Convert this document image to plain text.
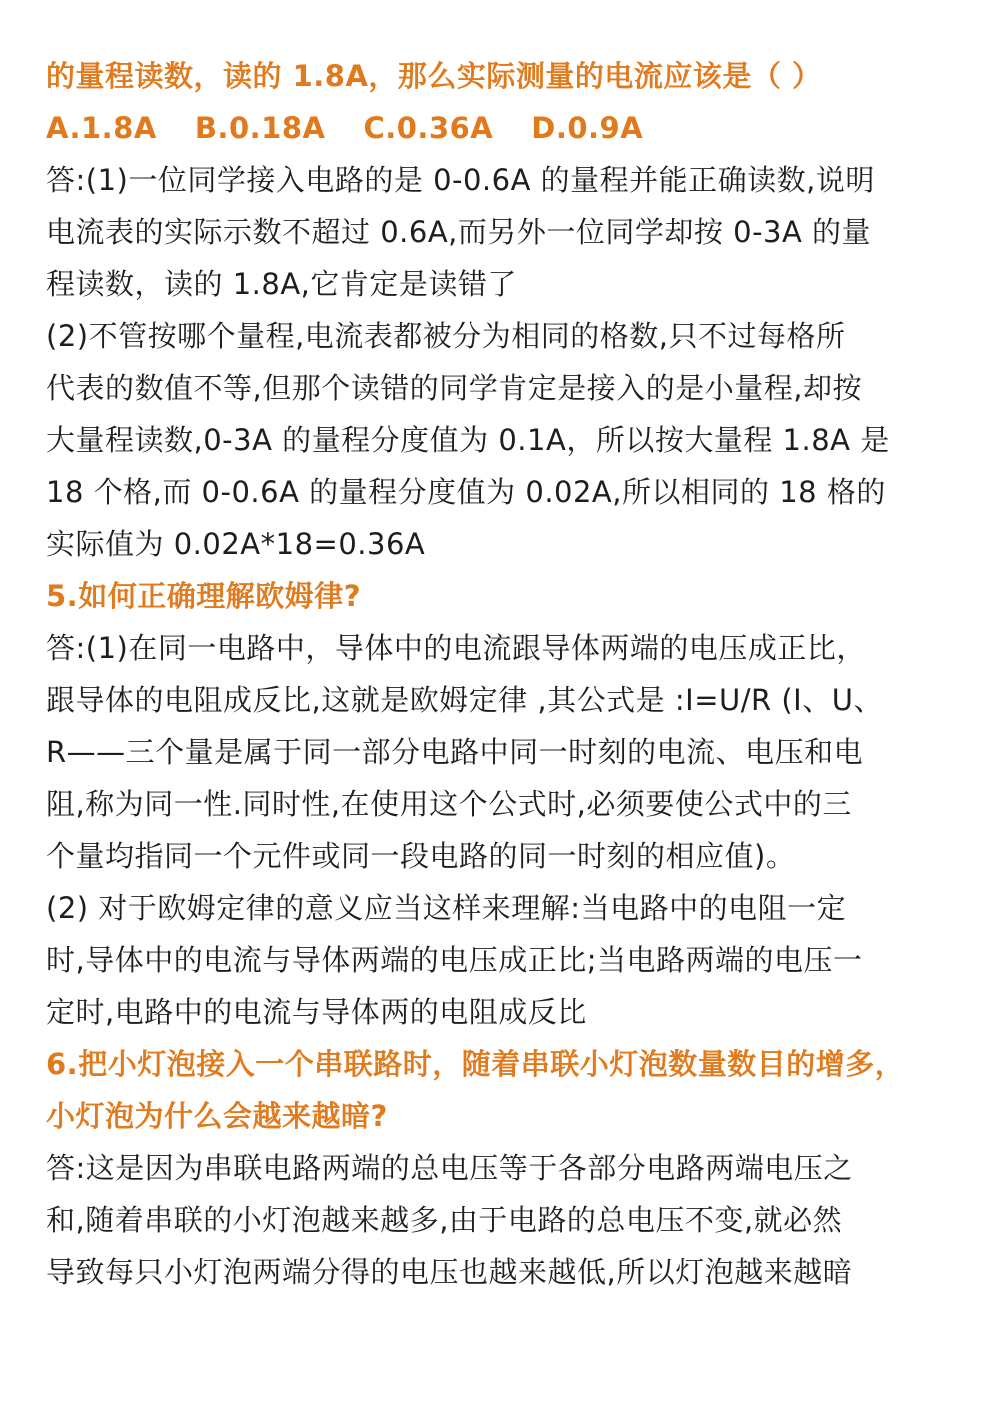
的量程读数，读的 1.8A，那么实际测量的电流应该是（ ）
A.1.8A B.0.18A C.0.36A D.0.9A
答:(1)一位同学接入电路的是 0-0.6A 的量程并能正确读数,说明
电流表的实际示数不超过 0.6A,而另外一位同学却按 0-3A 的量
程读数，读的 1.8A,它肯定是读错了
(2)不管按哪个量程,电流表都被分为相同的格数,只不过每格所
代表的数值不等,但那个读错的同学肯定是接入的是小量程,却按
大量程读数,0-3A 的量程分度值为 0.1A，所以按大量程 1.8A 是
18 个格,而 0-0.6A 的量程分度值为 0.02A,所以相同的 18 格的
实际值为 0.02A*18=0.36A
5.如何正确理解欧姆律?
答:(1)在同一电路中，导体中的电流跟导体两端的电压成正比，
跟导体的电阻成反比,这就是欧姆定律 ,其公式是 :I=U/R (I、U、
R——三个量是属于同一部分电路中同一时刻的电流、电压和电
阻,称为同一性.同时性,在使用这个公式时,必须要使公式中的三
个量均指同一个元件或同一段电路的同一时刻的相应值)。
(2) 对于欧姆定律的意义应当这样来理解:当电路中的电阻一定
时,导体中的电流与导体两端的电压成正比;当电路两端的电压一
定时,电路中的电流与导体两的电阻成反比
6.把小灯泡接入一个串联路时，随着串联小灯泡数量数目的增多，
小灯泡为什么会越来越暗?
答:这是因为串联电路两端的总电压等于各部分电路两端电压之
和,随着串联的小灯泡越来越多,由于电路的总电压不变,就必然
导致每只小灯泡两端分得的电压也越来越低,所以灯泡越来越暗
